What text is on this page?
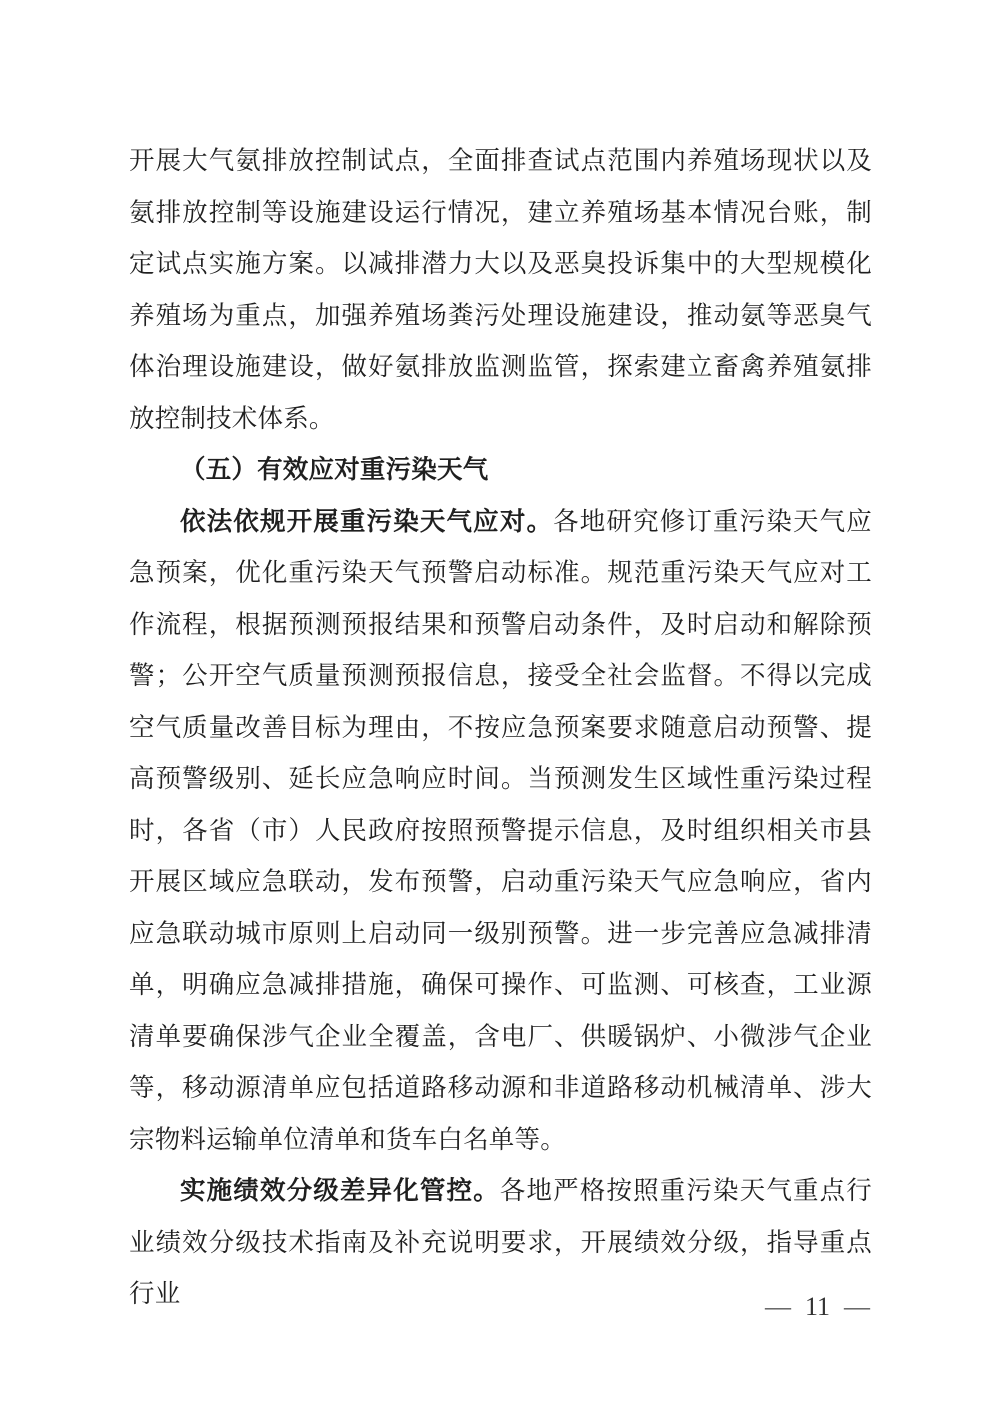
开展大气氨排放控制试点，全面排查试点范围内养殖场现状以及氨排放控制等设施建设运行情况，建立养殖场基本情况台账，制定试点实施方案。以减排潜力大以及恶臭投诉集中的大型规模化养殖场为重点，加强养殖场粪污处理设施建设，推动氨等恶臭气体治理设施建设，做好氨排放监测监管，探索建立畜禽养殖氨排放控制技术体系。

（五）有效应对重污染天气

依法依规开展重污染天气应对。各地研究修订重污染天气应急预案，优化重污染天气预警启动标准。规范重污染天气应对工作流程，根据预测预报结果和预警启动条件，及时启动和解除预警；公开空气质量预测预报信息，接受全社会监督。不得以完成空气质量改善目标为理由，不按应急预案要求随意启动预警、提高预警级别、延长应急响应时间。当预测发生区域性重污染过程时，各省（市）人民政府按照预警提示信息，及时组织相关市县开展区域应急联动，发布预警，启动重污染天气应急响应，省内应急联动城市原则上启动同一级别预警。进一步完善应急减排清单，明确应急减排措施，确保可操作、可监测、可核查，工业源清单要确保涉气企业全覆盖，含电厂、供暖锅炉、小微涉气企业等，移动源清单应包括道路移动源和非道路移动机械清单、涉大宗物料运输单位清单和货车白名单等。

实施绩效分级差异化管控。各地严格按照重污染天气重点行业绩效分级技术指南及补充说明要求，开展绩效分级，指导重点行业	— 11 —
